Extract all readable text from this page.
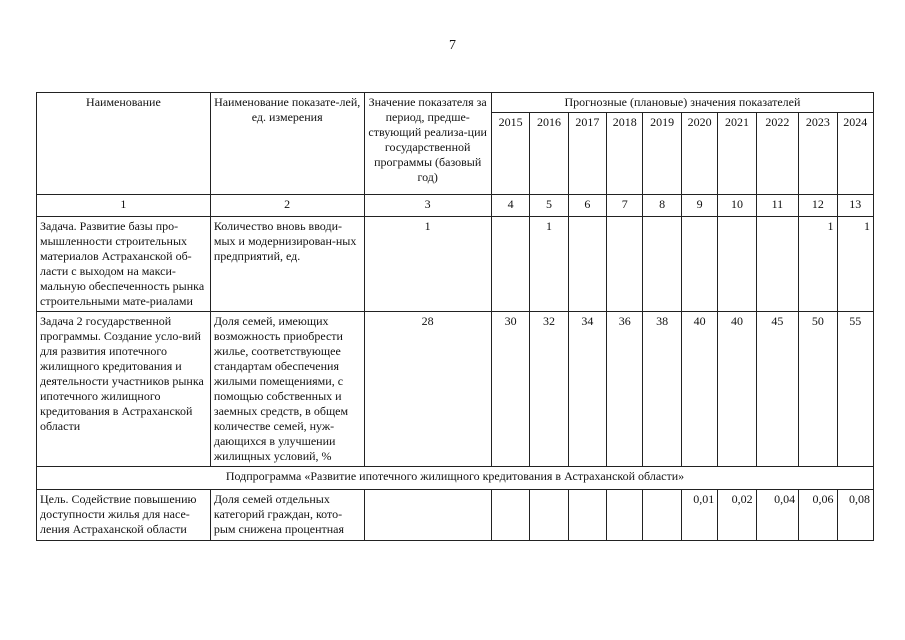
7
Наименование	Наименование показате-лей, ед. измерения	Значение показателя за период, предше-ствующий реализа-ции государственной программы (базовый год)	Прогнозные (плановые) значения показателей									
			2015	2016	2017	2018	2019	2020	2021	2022	2023	2024
1	2	3	4	5	6	7	8	9	10	11	12	13
Задача. Развитие базы про-мышленности строительных материалов Астраханской об-ласти с выходом на макси-мальную обеспеченность рынка строительными мате-риалами	Количество вновь вводи-мых и модернизирован-ных предприятий, ед.	1		1							1	1
Задача 2 государственной программы. Создание усло-вий для развития ипотечного жилищного кредитования и деятельности участников рынка ипотечного жилищного кредитования в Астраханской области	Доля семей, имеющих возможность приобрести жилье, соответствующее стандартам обеспечения жилыми помещениями, с помощью собственных и заемных средств, в общем количестве семей, нуж-дающихся в улучшении жилищных условий, %	28	30	32	34	36	38	40	40	45	50	55
Подпрограмма «Развитие ипотечного жилищного кредитования в Астраханской области»												
Цель. Содействие повышению доступности жилья для насе-ления Астраханской области	Доля семей отдельных категорий граждан, кото-рым снижена процентная							0,01	0,02	0,04	0,06	0,08
